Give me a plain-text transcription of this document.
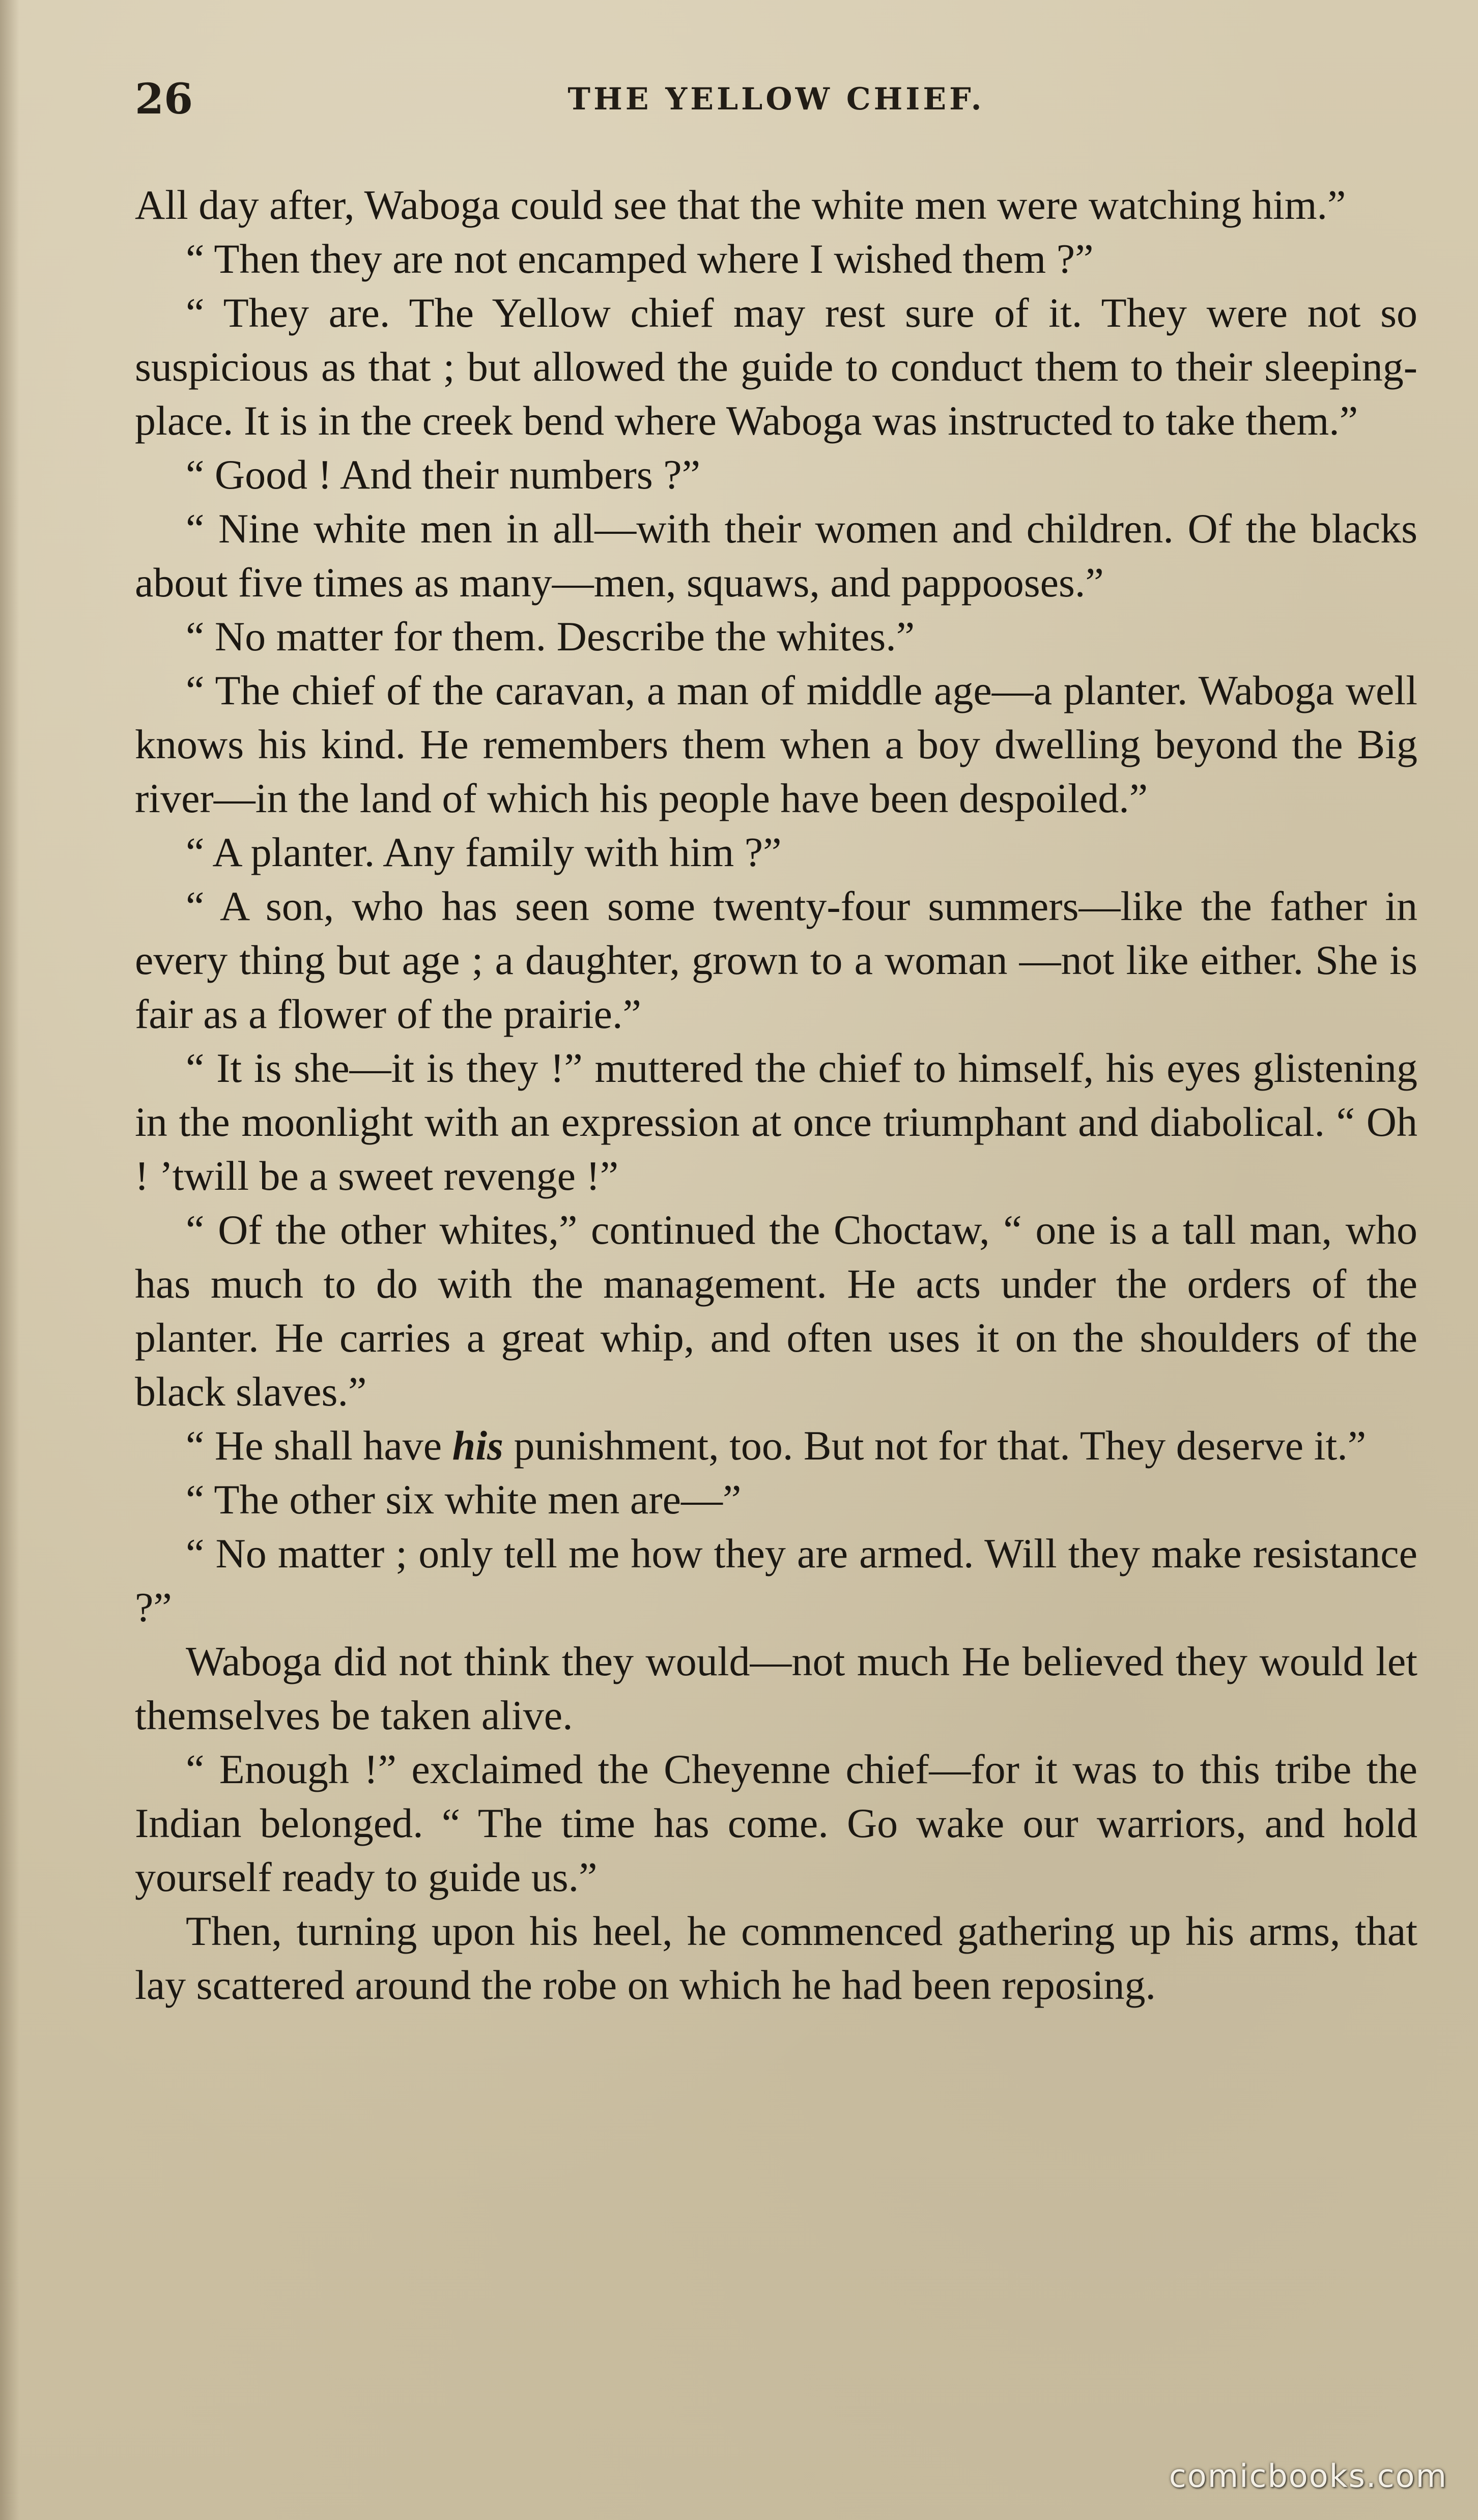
26	THE YELLOW CHIEF.

All day after, Waboga could see that the white men were watching him.”

“ Then they are not encamped where I wished them ?”

“ They are. The Yellow chief may rest sure of it. They were not so suspicious as that ; but allowed the guide to conduct them to their sleeping-place. It is in the creek bend where Waboga was instructed to take them.”

“ Good ! And their numbers ?”

“ Nine white men in all—with their women and children. Of the blacks about five times as many—men, squaws, and pappooses.”

“ No matter for them. Describe the whites.”

“ The chief of the caravan, a man of middle age—a planter. Waboga well knows his kind. He remembers them when a boy dwelling beyond the Big river—in the land of which his people have been despoiled.”

“ A planter. Any family with him ?”

“ A son, who has seen some twenty-four summers—like the father in every thing but age ; a daughter, grown to a woman —not like either. She is fair as a flower of the prairie.”

“ It is she—it is they !” muttered the chief to himself, his eyes glistening in the moonlight with an expression at once triumphant and diabolical. “ Oh ! ’twill be a sweet revenge !”

“ Of the other whites,” continued the Choctaw, “ one is a tall man, who has much to do with the management. He acts under the orders of the planter. He carries a great whip, and often uses it on the shoulders of the black slaves.”

“ He shall have his punishment, too. But not for that. They deserve it.”

“ The other six white men are—”

“ No matter ; only tell me how they are armed. Will they make resistance ?”

Waboga did not think they would—not much He believed they would let themselves be taken alive.

“ Enough !” exclaimed the Cheyenne chief—for it was to this tribe the Indian belonged. “ The time has come. Go wake our warriors, and hold yourself ready to guide us.”

Then, turning upon his heel, he commenced gathering up his arms, that lay scattered around the robe on which he had been reposing.

comicbooks.com
